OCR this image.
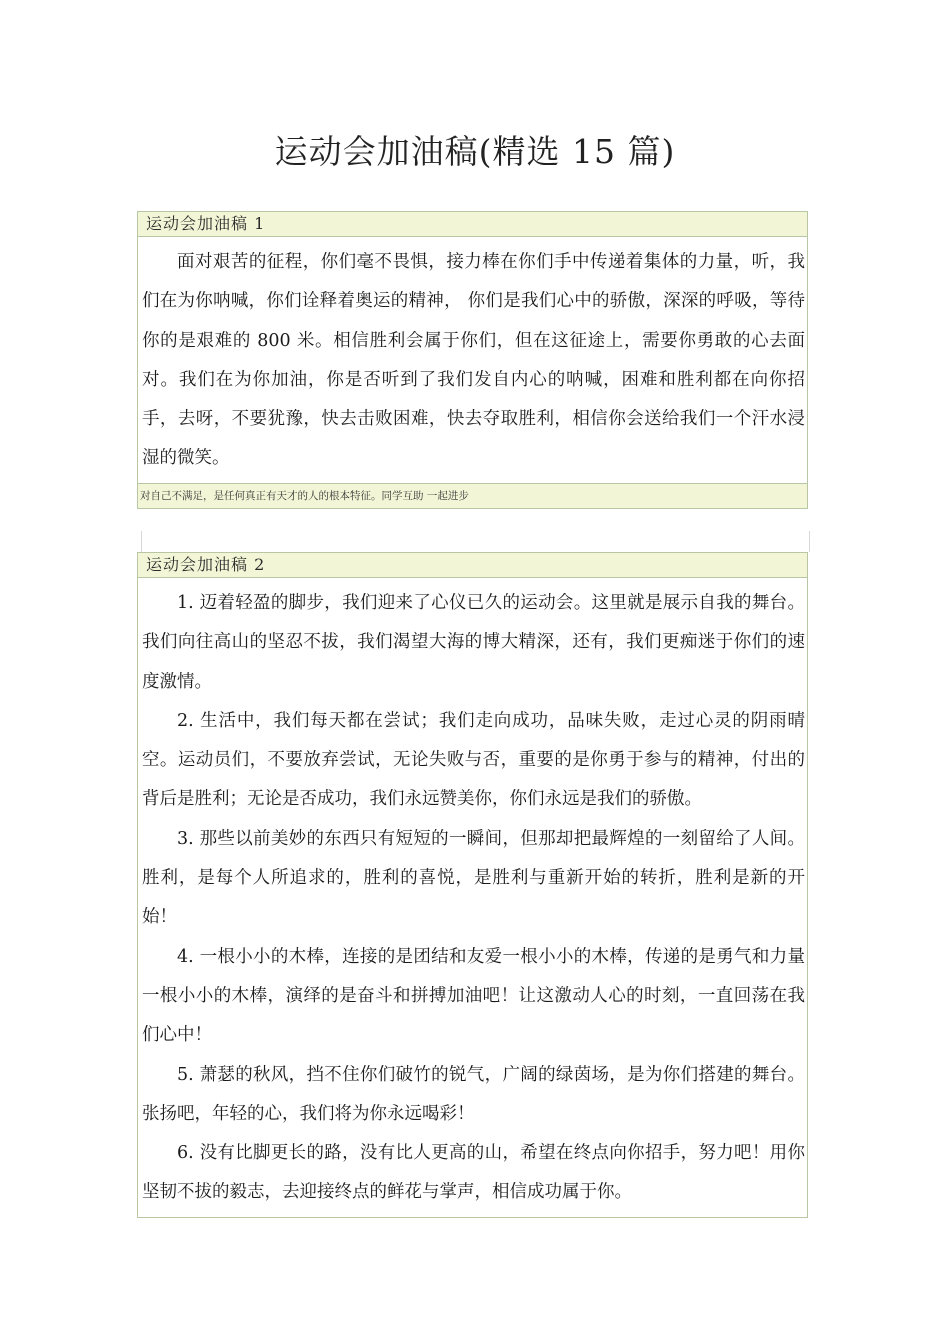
运动会加油稿(精选 15 篇)
运动会加油稿 1

面对艰苦的征程，你们毫不畏惧，接力棒在你们手中传递着集体的力量，听，我们在为你呐喊，你们诠释着奥运的精神， 你们是我们心中的骄傲，深深的呼吸，等待你的是艰难的 800 米。相信胜利会属于你们，但在这征途上，需要你勇敢的心去面对。我们在为你加油，你是否听到了我们发自内心的呐喊，困难和胜利都在向你招手，去呀，不要犹豫，快去击败困难，快去夺取胜利，相信你会送给我们一个汗水浸湿的微笑。

对自己不满足，是任何真正有天才的人的根本特征。同学互助 一起进步
运动会加油稿 2

1. 迈着轻盈的脚步，我们迎来了心仪已久的运动会。这里就是展示自我的舞台。我们向往高山的坚忍不拔，我们渴望大海的博大精深，还有，我们更痴迷于你们的速度激情。

2. 生活中，我们每天都在尝试；我们走向成功，品味失败，走过心灵的阴雨晴空。运动员们，不要放弃尝试，无论失败与否，重要的是你勇于参与的精神，付出的背后是胜利；无论是否成功，我们永远赞美你，你们永远是我们的骄傲。

3. 那些以前美妙的东西只有短短的一瞬间，但那却把最辉煌的一刻留给了人间。胜利，是每个人所追求的，胜利的喜悦，是胜利与重新开始的转折，胜利是新的开始！

4. 一根小小的木棒，连接的是团结和友爱一根小小的木棒，传递的是勇气和力量一根小小的木棒，演绎的是奋斗和拼搏加油吧！让这激动人心的时刻，一直回荡在我们心中！

5. 萧瑟的秋风，挡不住你们破竹的锐气，广阔的绿茵场，是为你们搭建的舞台。张扬吧，年轻的心，我们将为你永远喝彩！

6. 没有比脚更长的路，没有比人更高的山，希望在终点向你招手，努力吧！用你坚韧不拔的毅志，去迎接终点的鲜花与掌声，相信成功属于你。
